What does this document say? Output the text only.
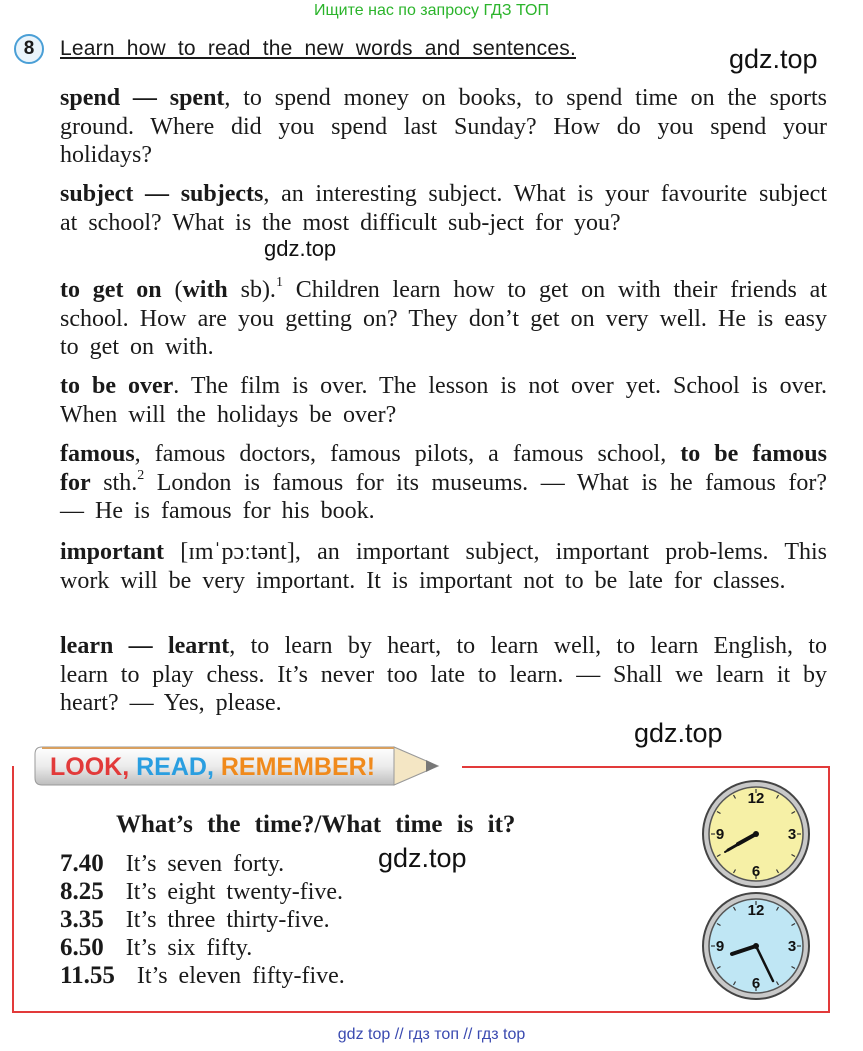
Ищите нас по запросу ГДЗ ТОП
8	Learn how to read the new words and sentences.	gdz.top
spend — spent, to spend money on books, to spend time on the sports ground. Where did you spend last Sunday? How do you spend your holidays?
subject — subjects, an interesting subject. What is your favourite subject at school? What is the most difficult sub-ject for you?
gdz.top
to get on (with sb).$^1$ Children learn how to get on with their friends at school. How are you getting on? They don’t get on very well. He is easy to get on with.
to be over. The film is over. The lesson is not over yet. School is over. When will the holidays be over?
famous, famous doctors, famous pilots, a famous school, to be famous for sth.$^2$ London is famous for its museums. — What is he famous for? — He is famous for his book.
important [ɪmˈpɔːtənt], an important subject, important prob-lems. This work will be very important. It is important not to be late for classes.
learn — learnt, to learn by heart, to learn well, to learn English, to learn to play chess. It’s never too late to learn. — Shall we learn it by heart? — Yes, please.
gdz.top
LOOK, READ, REMEMBER!
What’s the time?/What time is it?
7.40 It’s seven forty.
8.25 It’s eight twenty-five.
3.35 It’s three thirty-five.
6.50 It’s six fifty.
11.55 It’s eleven fifty-five.
gdz.top
12
3
6
9
12
3
6
9
gdz top // гдз топ // гдз top
